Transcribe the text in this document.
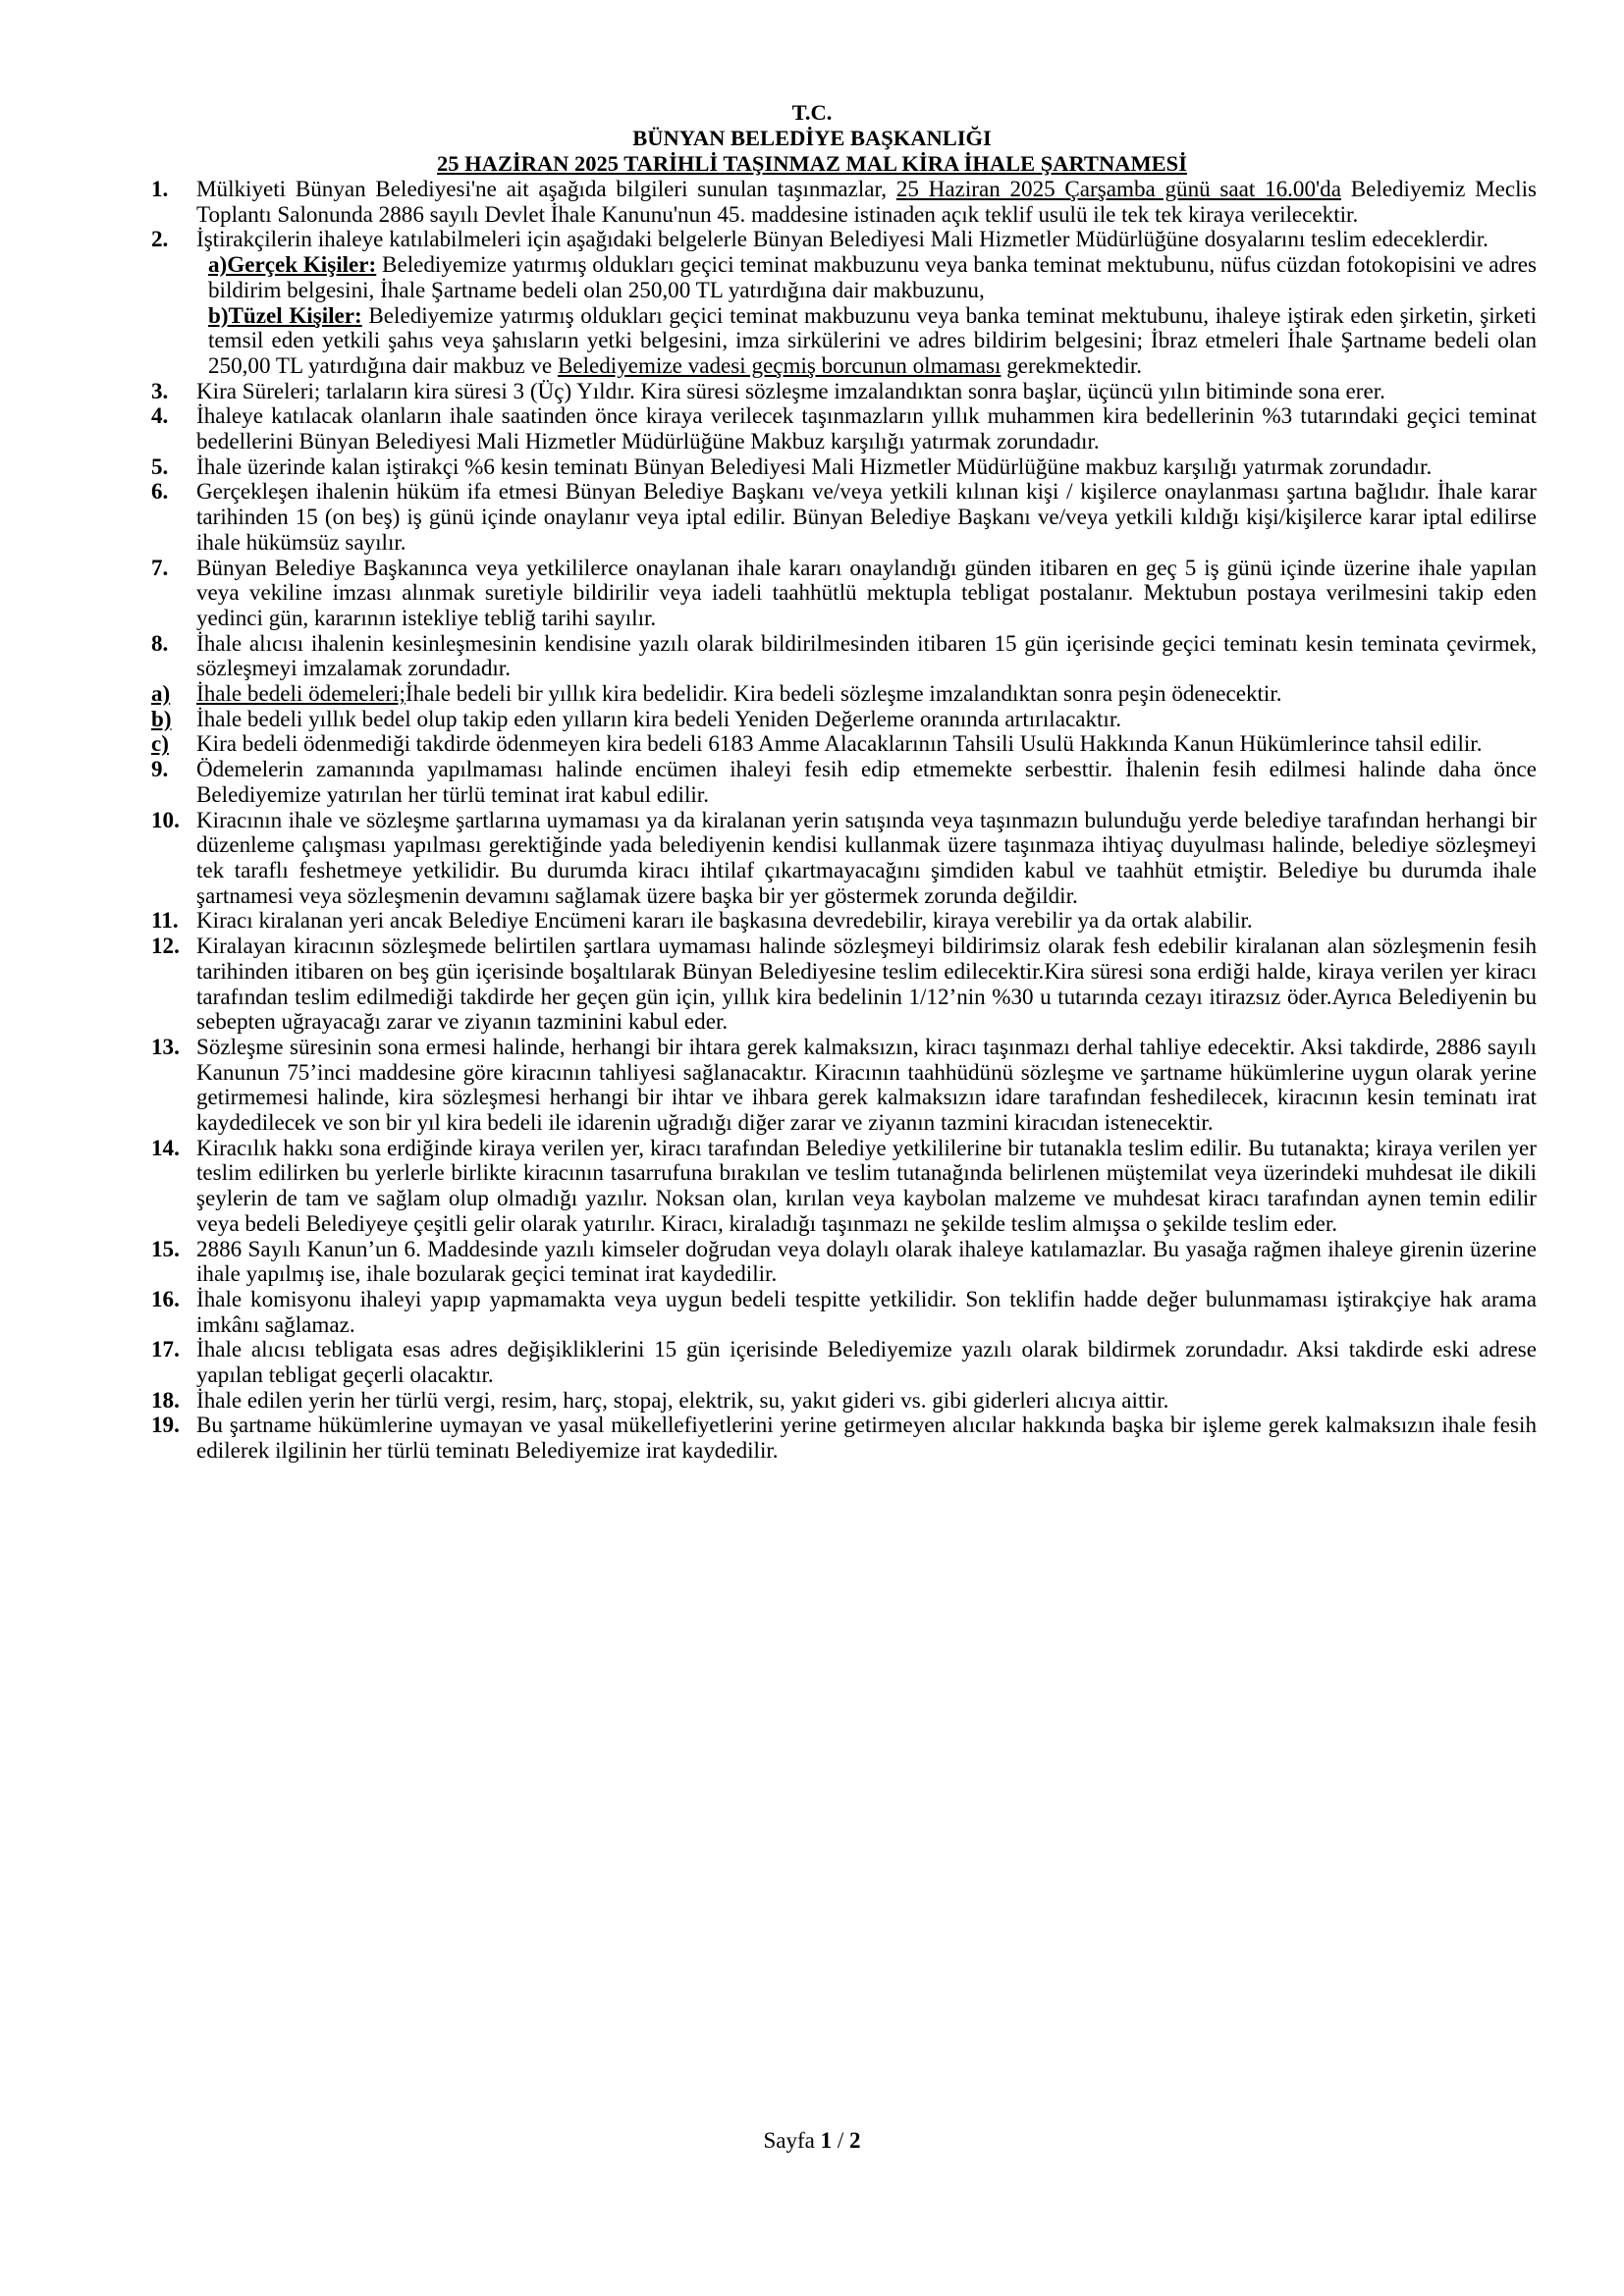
T.C.
BÜNYAN BELEDİYE BAŞKANLIĞI
25 HAZİRAN 2025 TARİHLİ TAŞINMAZ MAL KİRA İHALE ŞARTNAMESİ
1. Mülkiyeti Bünyan Belediyesi'ne ait aşağıda bilgileri sunulan taşınmazlar, 25 Haziran 2025 Çarşamba günü saat 16.00'da Belediyemiz Meclis Toplantı Salonunda 2886 sayılı Devlet İhale Kanunu'nun 45. maddesine istinaden açık teklif usulü ile tek tek kiraya verilecektir.
2. İştirakçilerin ihaleye katılabilmeleri için aşağıdaki belgelerle Bünyan Belediyesi Mali Hizmetler Müdürlüğüne dosyalarını teslim edeceklerdir.
a)Gerçek Kişiler: Belediyemize yatırmış oldukları geçici teminat makbuzunu veya banka teminat mektubunu, nüfus cüzdan fotokopisini ve adres bildirim belgesini, İhale Şartname bedeli olan 250,00 TL yatırdığına dair makbuzunu,
b)Tüzel Kişiler: Belediyemize yatırmış oldukları geçici teminat makbuzunu veya banka teminat mektubunu, ihaleye iştirak eden şirketin, şirketi temsil eden yetkili şahıs veya şahısların yetki belgesini, imza sirkülerini ve adres bildirim belgesini; İbraz etmeleri İhale Şartname bedeli olan 250,00 TL yatırdığına dair makbuz ve Belediyemize vadesi geçmiş borcunun olmaması gerekmektedir.
3. Kira Süreleri; tarlaların kira süresi 3 (Üç) Yıldır. Kira süresi sözleşme imzalandıktan sonra başlar, üçüncü yılın bitiminde sona erer.
4. İhaleye katılacak olanların ihale saatinden önce kiraya verilecek taşınmazların yıllık muhammen kira bedellerinin %3 tutarındaki geçici teminat bedellerini Bünyan Belediyesi Mali Hizmetler Müdürlüğüne Makbuz karşılığı yatırmak zorundadır.
5. İhale üzerinde kalan iştirakçi %6 kesin teminatı Bünyan Belediyesi Mali Hizmetler Müdürlüğüne makbuz karşılığı yatırmak zorundadır.
6. Gerçekleşen ihalenin hüküm ifa etmesi Bünyan Belediye Başkanı ve/veya yetkili kılınan kişi / kişilerce onaylanması şartına bağlıdır. İhale karar tarihinden 15 (on beş) iş günü içinde onaylanır veya iptal edilir. Bünyan Belediye Başkanı ve/veya yetkili kıldığı kişi/kişilerce karar iptal edilirse ihale hükümsüz sayılır.
7. Bünyan Belediye Başkanınca veya yetkililerce onaylanan ihale kararı onaylandığı günden itibaren en geç 5 iş günü içinde üzerine ihale yapılan veya vekiline imzası alınmak suretiyle bildirilir veya iadeli taahhütlü mektupla tebligat postalanır. Mektubun postaya verilmesini takip eden yedinci gün, kararının istekliye tebliğ tarihi sayılır.
8. İhale alıcısı ihalenin kesinleşmesinin kendisine yazılı olarak bildirilmesinden itibaren 15 gün içerisinde geçici teminatı kesin teminata çevirmek, sözleşmeyi imzalamak zorundadır.
a) İhale bedeli ödemeleri;İhale bedeli bir yıllık kira bedelidir. Kira bedeli sözleşme imzalandıktan sonra peşin ödenecektir.
b) İhale bedeli yıllık bedel olup takip eden yılların kira bedeli Yeniden Değerleme oranında artırılacaktır.
c) Kira bedeli ödenmediği takdirde ödenmeyen kira bedeli 6183 Amme Alacaklarının Tahsili Usulü Hakkında Kanun Hükümlerince tahsil edilir.
9. Ödemelerin zamanında yapılmaması halinde encümen ihaleyi fesih edip etmemekte serbesttir. İhalenin fesih edilmesi halinde daha önce Belediyemize yatırılan her türlü teminat irat kabul edilir.
10. Kiracının ihale ve sözleşme şartlarına uymaması ya da kiralanan yerin satışında veya taşınmazın bulunduğu yerde belediye tarafından herhangi bir düzenleme çalışması yapılması gerektiğinde yada belediyenin kendisi kullanmak üzere taşınmaza ihtiyaç duyulması halinde, belediye sözleşmeyi tek taraflı feshetmeye yetkilidir. Bu durumda kiracı ihtilaf çıkartmayacağını şimdiden kabul ve taahhüt etmiştir. Belediye bu durumda ihale şartnamesi veya sözleşmenin devamını sağlamak üzere başka bir yer göstermek zorunda değildir.
11. Kiracı kiralanan yeri ancak Belediye Encümeni kararı ile başkasına devredebilir, kiraya verebilir ya da ortak alabilir.
12. Kiralayan kiracının sözleşmede belirtilen şartlara uymaması halinde sözleşmeyi bildirimsiz olarak fesh edebilir kiralanan alan sözleşmenin fesih tarihinden itibaren on beş gün içerisinde boşaltılarak Bünyan Belediyesine teslim edilecektir.Kira süresi sona erdiği halde, kiraya verilen yer kiracı tarafından teslim edilmediği takdirde her geçen gün için, yıllık kira bedelinin 1/12’nin %30 u tutarında cezayı itirazsız öder.Ayrıca Belediyenin bu sebepten uğrayacağı zarar ve ziyanın tazminini kabul eder.
13. Sözleşme süresinin sona ermesi halinde, herhangi bir ihtara gerek kalmaksızın, kiracı taşınmazı derhal tahliye edecektir. Aksi takdirde, 2886 sayılı Kanunun 75’inci maddesine göre kiracının tahliyesi sağlanacaktır. Kiracının taahhüdünü sözleşme ve şartname hükümlerine uygun olarak yerine getirmemesi halinde, kira sözleşmesi herhangi bir ihtar ve ihbara gerek kalmaksızın idare tarafından feshedilecek, kiracının kesin teminatı irat kaydedilecek ve son bir yıl kira bedeli ile idarenin uğradığı diğer zarar ve ziyanın tazmini kiracıdan istenecektir.
14. Kiracılık hakkı sona erdiğinde kiraya verilen yer, kiracı tarafından Belediye yetkililerine bir tutanakla teslim edilir. Bu tutanakta; kiraya verilen yer teslim edilirken bu yerlerle birlikte kiracının tasarrufuna bırakılan ve teslim tutanağında belirlenen müştemilat veya üzerindeki muhdesat ile dikili şeylerin de tam ve sağlam olup olmadığı yazılır. Noksan olan, kırılan veya kaybolan malzeme ve muhdesat kiracı tarafından aynen temin edilir veya bedeli Belediyeye çeşitli gelir olarak yatırılır. Kiracı, kiraladığı taşınmazı ne şekilde teslim almışsa o şekilde teslim eder.
15. 2886 Sayılı Kanun’un 6. Maddesinde yazılı kimseler doğrudan veya dolaylı olarak ihaleye katılamazlar. Bu yasağa rağmen ihaleye girenin üzerine ihale yapılmış ise, ihale bozularak geçici teminat irat kaydedilir.
16. İhale komisyonu ihaleyi yapıp yapmamakta veya uygun bedeli tespitte yetkilidir. Son teklifin hadde değer bulunmaması iştirakçiye hak arama imkânı sağlamaz.
17. İhale alıcısı tebligata esas adres değişikliklerini 15 gün içerisinde Belediyemize yazılı olarak bildirmek zorundadır. Aksi takdirde eski adrese yapılan tebligat geçerli olacaktır.
18. İhale edilen yerin her türlü vergi, resim, harç, stopaj, elektrik, su, yakıt gideri vs. gibi giderleri alıcıya aittir.
19. Bu şartname hükümlerine uymayan ve yasal mükellefiyetlerini yerine getirmeyen alıcılar hakkında başka bir işleme gerek kalmaksızın ihale fesih edilerek ilgilinin her türlü teminatı Belediyemize irat kaydedilir.
Sayfa 1 / 2
